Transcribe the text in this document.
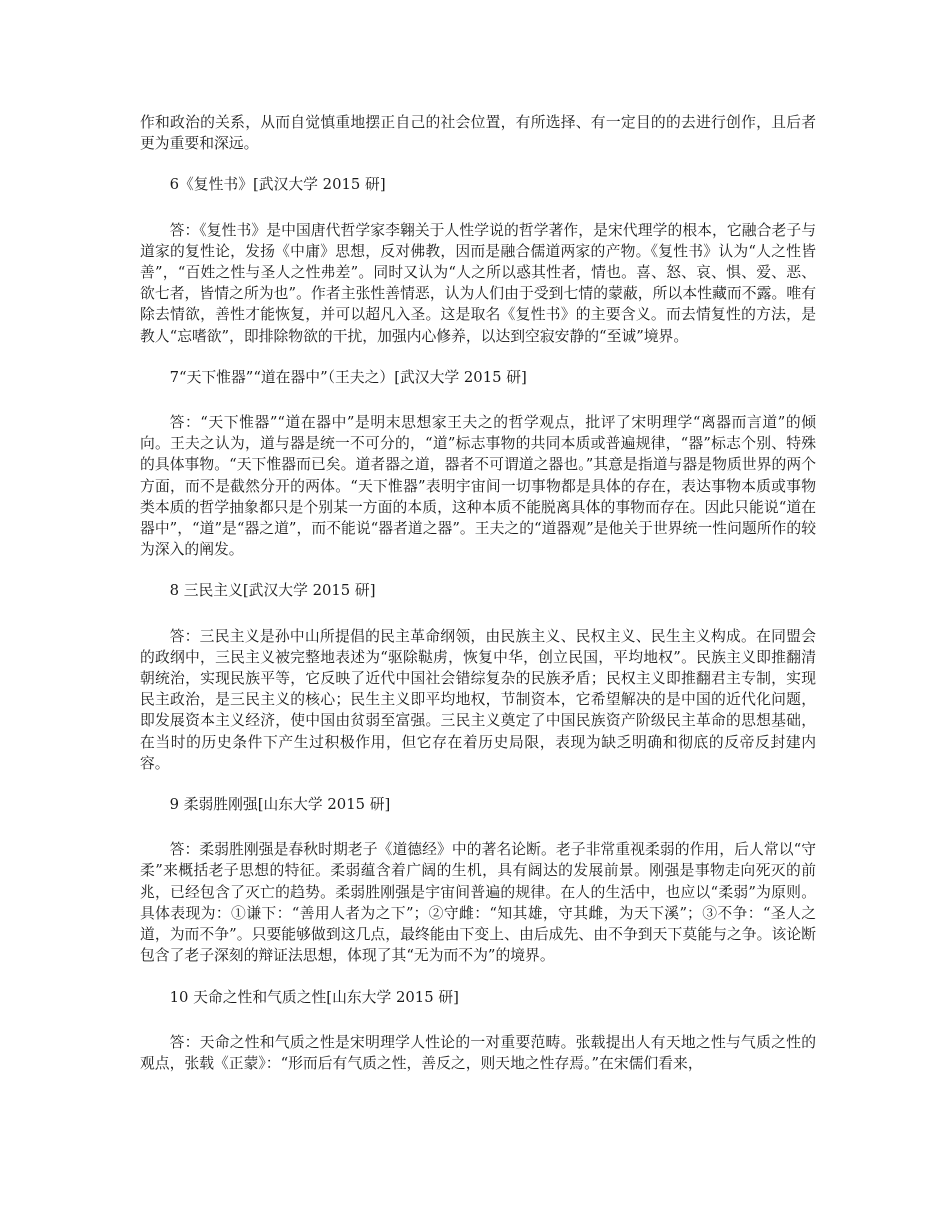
作和政治的关系，从而自觉慎重地摆正自己的社会位置，有所选择、有一定目的的去进行创作，且后者更为重要和深远。

6《复性书》[武汉大学 2015 研]

答：《复性书》是中国唐代哲学家李翱关于人性学说的哲学著作，是宋代理学的根本，它融合老子与道家的复性论，发扬《中庸》思想，反对佛教，因而是融合儒道两家的产物。《复性书》认为“人之性皆善”，“百姓之性与圣人之性弗差”。同时又认为“人之所以惑其性者，情也。喜、怒、哀、惧、爱、恶、欲七者，皆情之所为也”。作者主张性善情恶，认为人们由于受到七情的蒙蔽，所以本性藏而不露。唯有除去情欲，善性才能恢复，并可以超凡入圣。这是取名《复性书》的主要含义。而去情复性的方法，是教人“忘嗜欲”，即排除物欲的干扰，加强内心修养，以达到空寂安静的“至诚”境界。

7“天下惟器”“道在器中”（王夫之）[武汉大学 2015 研]

答：“天下惟器”“道在器中”是明末思想家王夫之的哲学观点，批评了宋明理学“离器而言道”的倾向。王夫之认为，道与器是统一不可分的，“道”标志事物的共同本质或普遍规律，“器”标志个别、特殊的具体事物。“天下惟器而已矣。道者器之道，器者不可谓道之器也。”其意是指道与器是物质世界的两个方面，而不是截然分开的两体。“天下惟器”表明宇宙间一切事物都是具体的存在，表达事物本质或事物类本质的哲学抽象都只是个别某一方面的本质，这种本质不能脱离具体的事物而存在。因此只能说“道在器中”，“道”是“器之道”，而不能说“器者道之器”。王夫之的“道器观”是他关于世界统一性问题所作的较为深入的阐发。

8 三民主义[武汉大学 2015 研]

答：三民主义是孙中山所提倡的民主革命纲领，由民族主义、民权主义、民生主义构成。在同盟会的政纲中，三民主义被完整地表述为“驱除鞑虏，恢复中华，创立民国，平均地权”。民族主义即推翻清朝统治，实现民族平等，它反映了近代中国社会错综复杂的民族矛盾；民权主义即推翻君主专制，实现民主政治，是三民主义的核心；民生主义即平均地权，节制资本，它希望解决的是中国的近代化问题，即发展资本主义经济，使中国由贫弱至富强。三民主义奠定了中国民族资产阶级民主革命的思想基础，在当时的历史条件下产生过积极作用，但它存在着历史局限，表现为缺乏明确和彻底的反帝反封建内容。

9 柔弱胜刚强[山东大学 2015 研]

答：柔弱胜刚强是春秋时期老子《道德经》中的著名论断。老子非常重视柔弱的作用，后人常以“守柔”来概括老子思想的特征。柔弱蕴含着广阔的生机，具有阔达的发展前景。刚强是事物走向死灭的前兆，已经包含了灭亡的趋势。柔弱胜刚强是宇宙间普遍的规律。在人的生活中，也应以“柔弱”为原则。具体表现为：①谦下：“善用人者为之下”；②守雌：“知其雄，守其雌，为天下溪”；③不争：“圣人之道，为而不争”。只要能够做到这几点，最终能由下变上、由后成先、由不争到天下莫能与之争。该论断包含了老子深刻的辩证法思想，体现了其“无为而不为”的境界。

10 天命之性和气质之性[山东大学 2015 研]

答：天命之性和气质之性是宋明理学人性论的一对重要范畴。张载提出人有天地之性与气质之性的观点，张载《正蒙》：“形而后有气质之性，善反之，则天地之性存焉。”在宋儒们看来，
